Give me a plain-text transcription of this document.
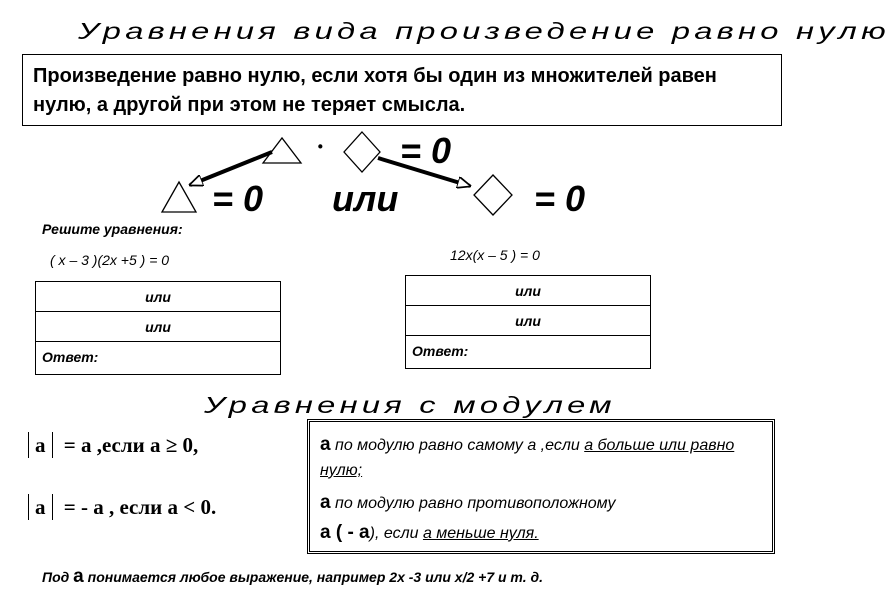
Уравнения вида произведение равно нулю
Произведение равно нулю, если хотя бы один из множителей равен нулю, а другой при этом не теряет смысла.
· = 0
= 0 или	= 0
Решите уравнения:
( х – 3 )(2х +5 ) = 0	12х(х – 5 ) = 0
или
или
Ответ:
или
или
Ответ:
Уравнения с модулем
а = а ,если а ≥ 0,
а = - а , если а < 0.
а по модулю равно самому а ,если а больше или равно нулю;
а по модулю равно противоположному
а ( - а), если а меньше нуля.
Под а понимается любое выражение, например 2х -3 или х/2 +7 и т. д.
